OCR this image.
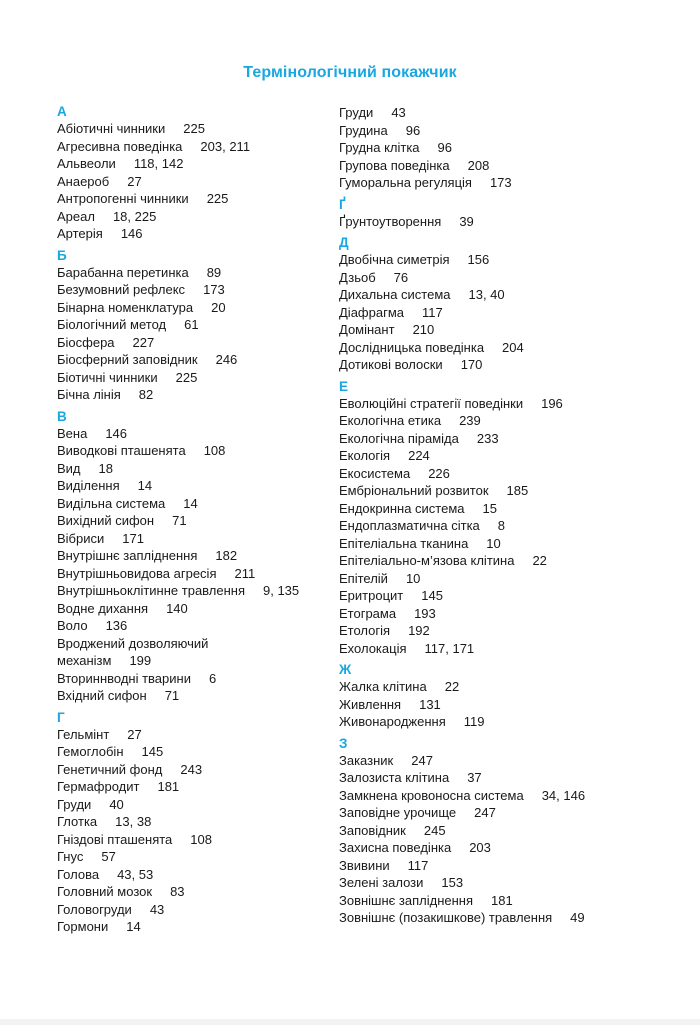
Термінологічний покажчик
А
Абіотичні чинники 225
Агресивна поведінка 203, 211
Альвеоли 118, 142
Анаероб 27
Антропогенні чинники 225
Ареал 18, 225
Артерія 146
Б
Барабанна перетинка 89
Безумовний рефлекс 173
Бінарна номенклатура 20
Біологічний метод 61
Біосфера 227
Біосферний заповідник 246
Біотичні чинники 225
Бічна лінія 82
В
Вена 146
Виводкові пташенята 108
Вид 18
Виділення 14
Видільна система 14
Вихідний сифон 71
Вібриси 171
Внутрішнє запліднення 182
Внутрішньовидова агресія 211
Внутрішньоклітинне травлення 9, 135
Водне дихання 140
Воло 136
Вроджений дозволяючий
механізм 199
Вториннводні тварини 6
Вхідний сифон 71
Г
Гельмінт 27
Гемоглобін 145
Генетичний фонд 243
Гермафродит 181
Груди 40
Глотка 13, 38
Гніздові пташенята 108
Гнус 57
Голова 43, 53
Головний мозок 83
Головогруди 43
Гормони 14
Груди 43
Грудина 96
Грудна клітка 96
Групова поведінка 208
Гуморальна регуляція 173
Ґ
Ґрунтоутворення 39
Д
Двобічна симетрія 156
Дзьоб 76
Дихальна система 13, 40
Діафрагма 117
Домінант 210
Дослідницька поведінка 204
Дотикові волоски 170
Е
Еволюційні стратегії поведінки 196
Екологічна етика 239
Екологічна піраміда 233
Екологія 224
Екосистема 226
Ембріональний розвиток 185
Ендокринна система 15
Ендоплазматична сітка 8
Епітеліальна тканина 10
Епітеліально-м’язова клітина 22
Епітелій 10
Еритроцит 145
Етограма 193
Етологія 192
Ехолокація 117, 171
Ж
Жалка клітина 22
Живлення 131
Живонародження 119
З
Заказник 247
Залозиста клітина 37
Замкнена кровоносна система 34, 146
Заповідне урочище 247
Заповідник 245
Захисна поведінка 203
Звивини 117
Зелені залози 153
Зовнішнє запліднення 181
Зовнішнє (позакишкове) травлення 49
